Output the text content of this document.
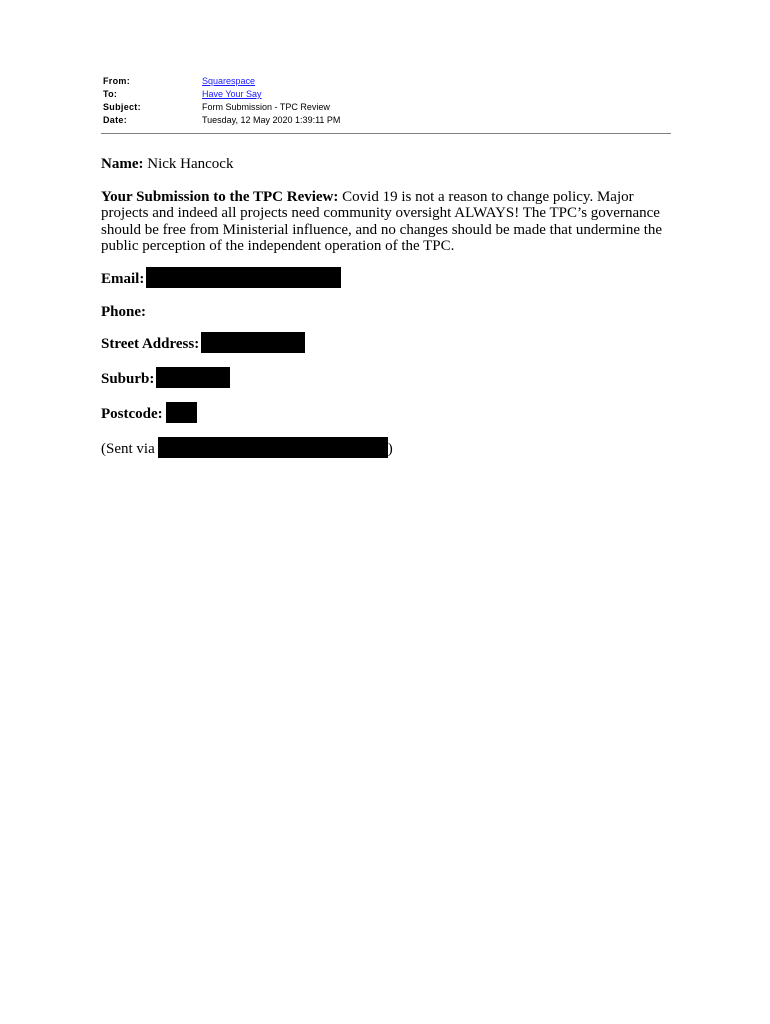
From:	Squarespace
To:	Have Your Say
Subject:	Form Submission - TPC Review
Date:	Tuesday, 12 May 2020 1:39:11 PM

Name: Nick Hancock

Your Submission to the TPC Review: Covid 19 is not a reason to change policy. Major projects and indeed all projects need community oversight ALWAYS! The TPC’s governance should be free from Ministerial influence, and no changes should be made that undermine the public perception of the independent operation of the TPC.

Email:

Phone:

Street Address:

Suburb:

Postcode:

(Sent via	)
